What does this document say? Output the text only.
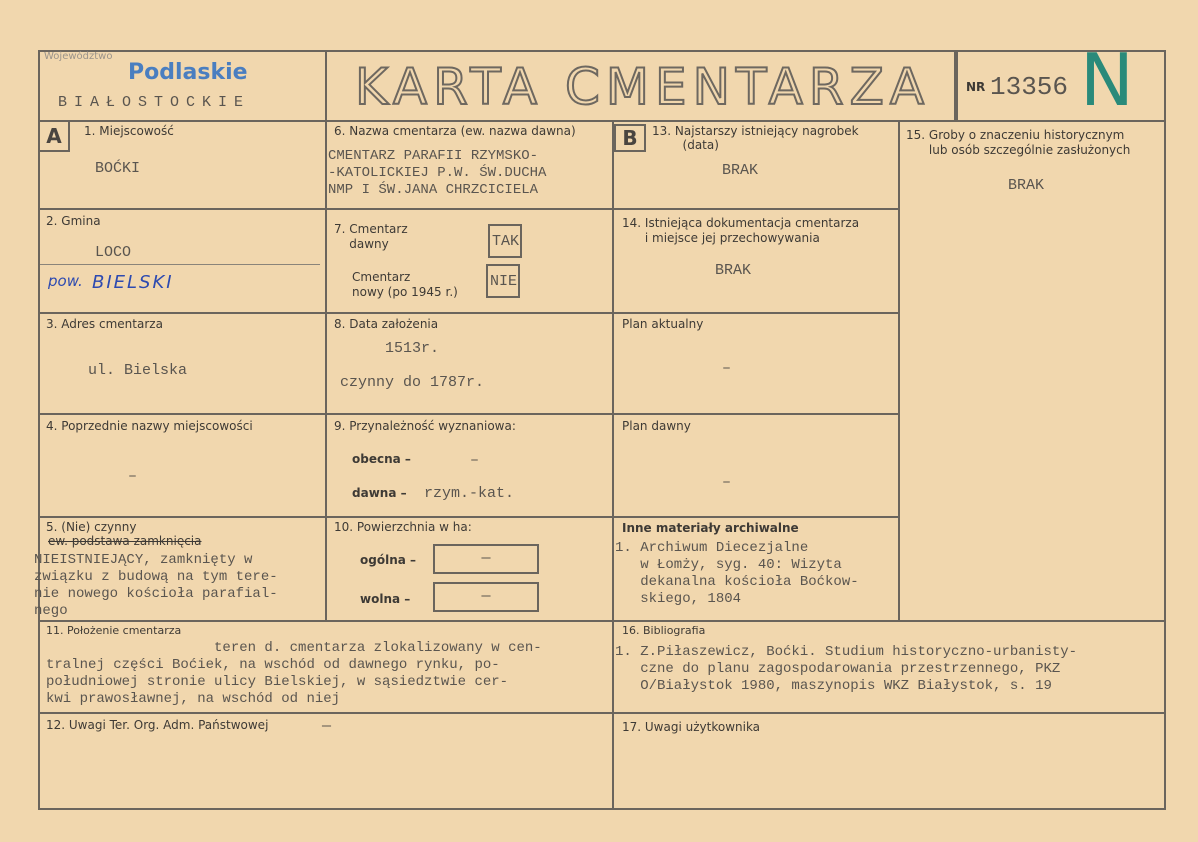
Województwo
Podlaskie
BIAŁOSTOCKIE KARTA CMENTARZA	NR 13356 N
A	1. Miejscowość
BOĆKI
2. Gmina
LOCO
pow. BIELSKI
3. Adres cmentarza
ul. Bielska
4. Poprzednie nazwy miejscowości
–
5. (Nie) czynny
ew. podstawa zamknięcia
NIEISTNIEJĄCY, zamknięty w
związku z budową na tym tere-
nie nowego kościoła parafial-
nego
6. Nazwa cmentarza (ew. nazwa dawna)
CMENTARZ PARAFII RZYMSKO-
-KATOLICKIEJ P.W. ŚW.DUCHA
NMP I ŚW.JANA CHRZCICIELA
7. Cmentarz
dawny	TAK
Cmentarz
nowy (po 1945 r.)
NIE
8. Data założenia
1513r.
czynny do 1787r.
9. Przynależność wyznaniowa:
obecna –	–
dawna – rzym.-kat.
10. Powierzchnia w ha:
ogólna –	—
wolna –	—
B	13. Najstarszy istniejący nagrobek
(data)
BRAK
14. Istniejąca dokumentacja cmentarza
i miejsce jej przechowywania
BRAK
Plan aktualny
–
Plan dawny
–
Inne materiały archiwalne
1. Archiwum Diecezjalne
w Łomży, syg. 40: Wizyta
dekanalna kościoła Boćkow-
skiego, 1804
15. Groby o znaczeniu historycznym
lub osób szczególnie zasłużonych
BRAK
11. Położenie cmentarza
teren d. cmentarza zlokalizowany w cen-
tralnej części Boćiek, na wschód od dawnego rynku, po-
południowej stronie ulicy Bielskiej, w sąsiedztwie cer-
kwi prawosławnej, na wschód od niej
16. Bibliografia
1. Z.Piłaszewicz, Boćki. Studium historyczno-urbanisty-
czne do planu zagospodarowania przestrzennego, PKZ
O/Białystok 1980, maszynopis WKZ Białystok, s. 19
12. Uwagi Ter. Org. Adm. Państwowej	—	17. Uwagi użytkownika
